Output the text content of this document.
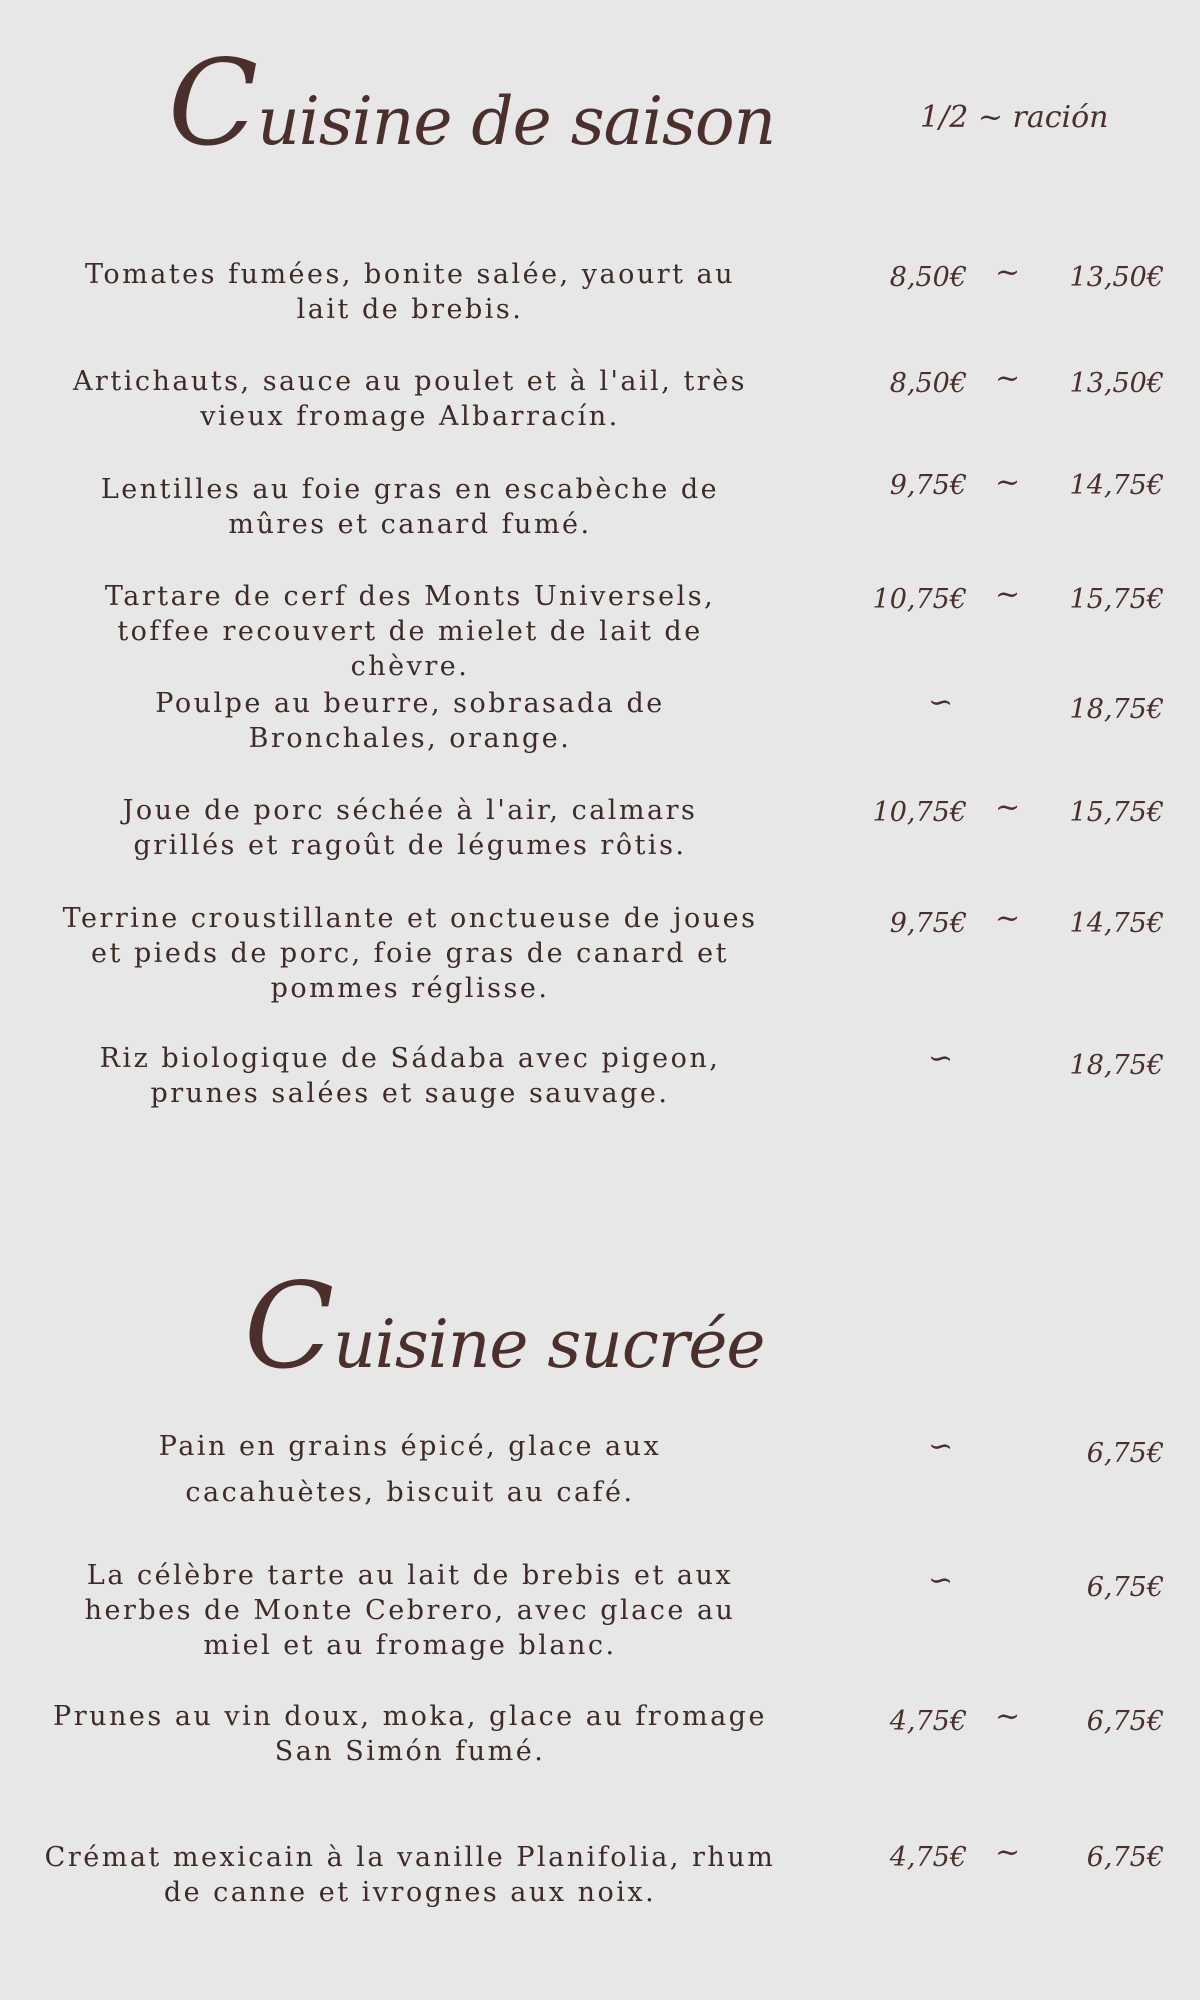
Cuisine de saison	1/2 ~ ración
Tomates fumées, bonite salée, yaourt au lait de brebis.
8,50€ ~ 13,50€
Artichauts, sauce au poulet et à l'ail, très vieux fromage Albarracín.
8,50€ ~ 13,50€
Lentilles au foie gras en escabèche de mûres et canard fumé.
9,75€ ~ 14,75€
Tartare de cerf des Monts Universels, toffee recouvert de mielet de lait de chèvre.
10,75€ ~ 15,75€
Poulpe au beurre, sobrasada de Bronchales, orange.
∽	18,75€
Joue de porc séchée à l'air, calmars grillés et ragoût de légumes rôtis.
10,75€ ~ 15,75€
Terrine croustillante et onctueuse de joues et pieds de porc, foie gras de canard et pommes réglisse.
9,75€ ~ 14,75€
Riz biologique de Sádaba avec pigeon, prunes salées et sauge sauvage.
∽	18,75€
Cuisine sucrée
Pain en grains épicé, glace aux cacahuètes, biscuit au café.
∽	6,75€
La célèbre tarte au lait de brebis et aux herbes de Monte Cebrero, avec glace au miel et au fromage blanc.
∽	6,75€
Prunes au vin doux, moka, glace au fromage San Simón fumé.
4,75€ ~ 6,75€
Crémat mexicain à la vanille Planifolia, rhum de canne et ivrognes aux noix.
4,75€ ~ 6,75€
